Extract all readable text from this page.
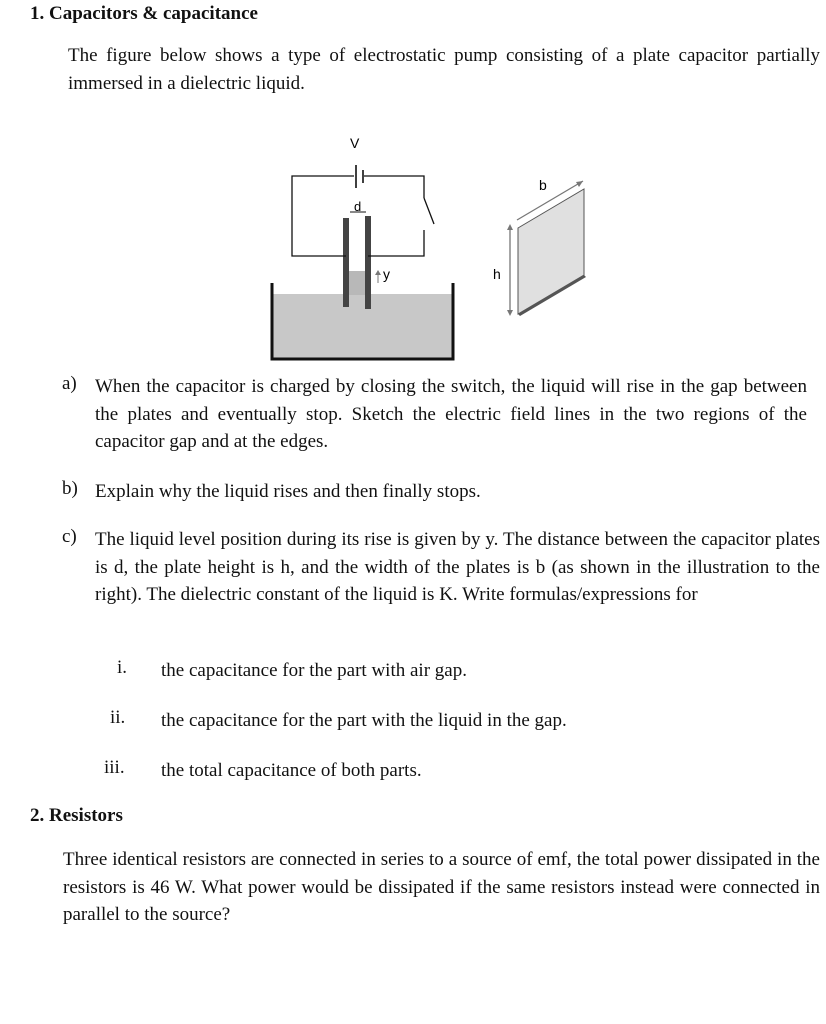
1. Capacitors & capacitance
The figure below shows a type of electrostatic pump consisting of a plate capacitor partially immersed in a dielectric liquid.
V
d
y	h
b
a) When the capacitor is charged by closing the switch, the liquid will rise in the gap between the plates and eventually stop. Sketch the electric field lines in the two regions of the capacitor gap and at the edges.
b) Explain why the liquid rises and then finally stops.
c) The liquid level position during its rise is given by y. The distance between the capacitor plates is d, the plate height is h, and the width of the plates is b (as shown in the illustration to the right). The dielectric constant of the liquid is K. Write formulas/expressions for
i. the capacitance for the part with air gap.
ii. the capacitance for the part with the liquid in the gap.
iii. the total capacitance of both parts.
2. Resistors
Three identical resistors are connected in series to a source of emf, the total power dissipated in the resistors is 46 W. What power would be dissipated if the same resistors instead were connected in parallel to the source?
